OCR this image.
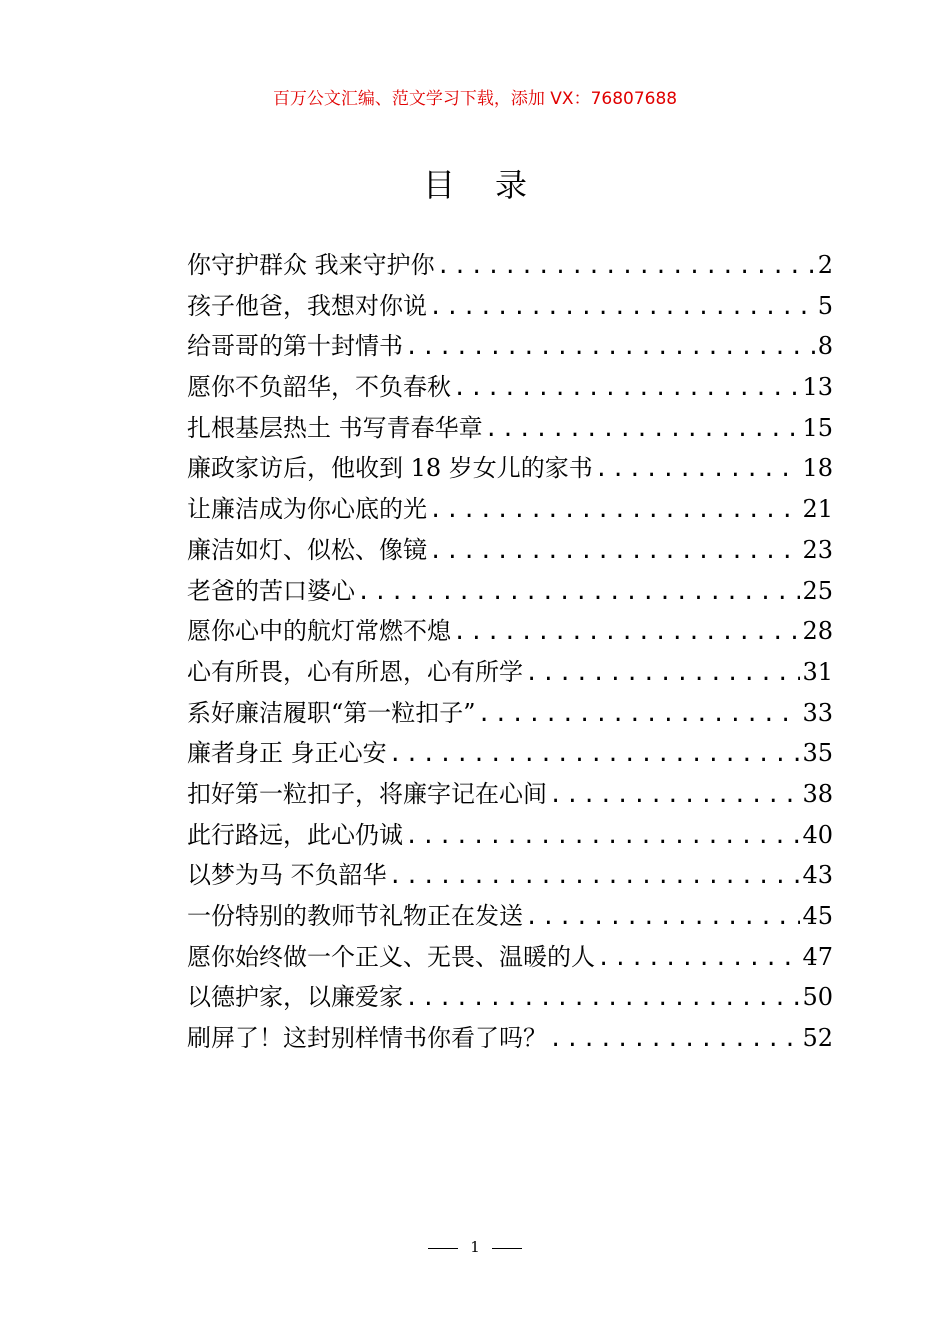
百万公文汇编、范文学习下载，添加 VX：76807688
目 录
你守护群众 我来守护你 .....	2
孩子他爸，我想对你说 .....	5
给哥哥的第十封情书 .....	8
愿你不负韶华，不负春秋 .....	13
扎根基层热土 书写青春华章 .....	15
廉政家访后，他收到 18 岁女儿的家书 .....	18
让廉洁成为你心底的光 .....	21
廉洁如灯、似松、像镜 .....	23
老爸的苦口婆心 .....	25
愿你心中的航灯常燃不熄 .....	28
心有所畏，心有所恩，心有所学 .....	31
系好廉洁履职“第一粒扣子” .....	33
廉者身正 身正心安 .....	35
扣好第一粒扣子，将廉字记在心间 .....	38
此行路远，此心仍诚 .....	40
以梦为马 不负韶华 .....	43
一份特别的教师节礼物正在发送 .....	45
愿你始终做一个正义、无畏、温暖的人 .....	47
以德护家，以廉爱家 .....	50
刷屏了！这封别样情书你看了吗？ .....	52
1
